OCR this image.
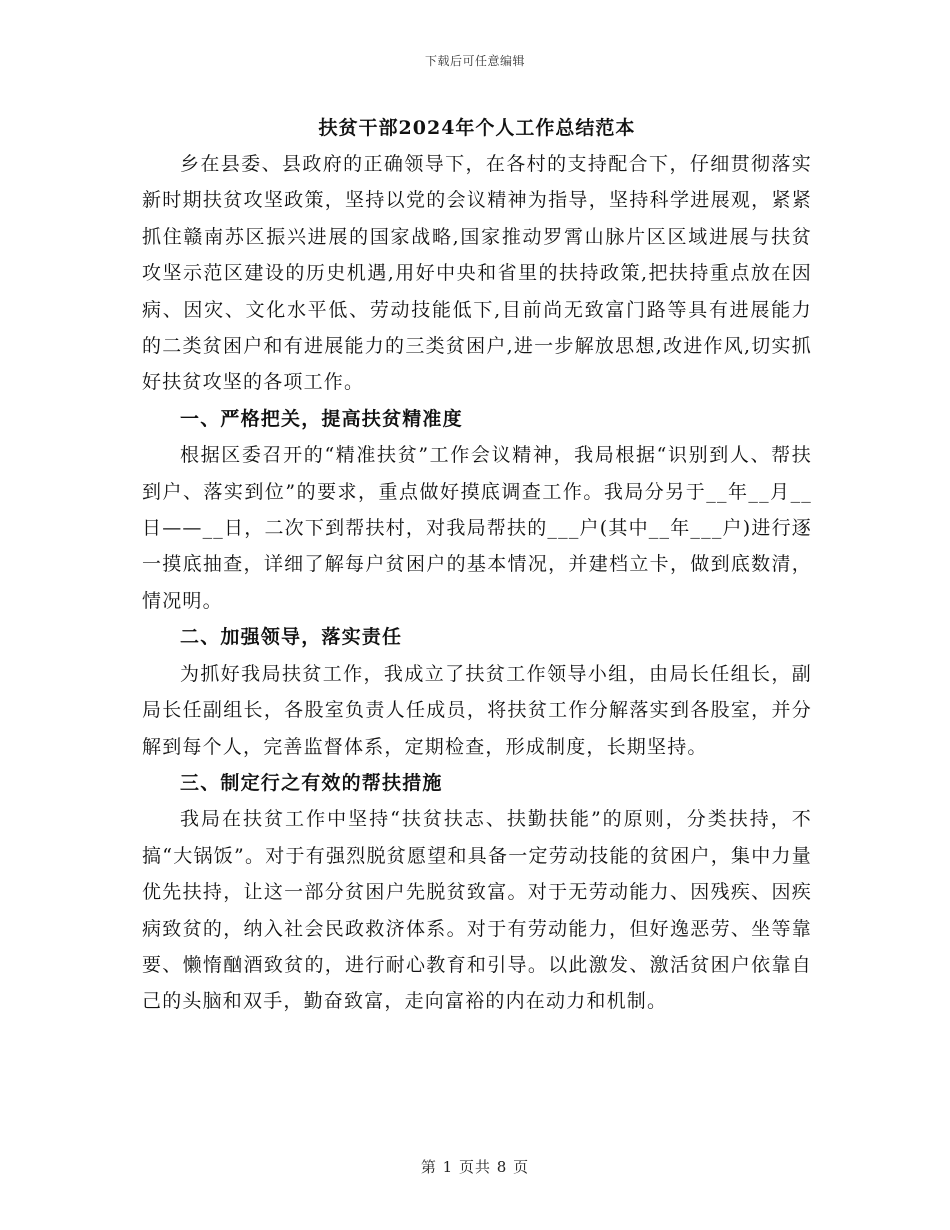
下载后可任意编辑
扶贫干部2024年个人工作总结范本

乡在县委、县政府的正确领导下，在各村的支持配合下，仔细贯彻落实新时期扶贫攻坚政策，坚持以党的会议精神为指导，坚持科学进展观，紧紧抓住赣南苏区振兴进展的国家战略,国家推动罗霄山脉片区区域进展与扶贫攻坚示范区建设的历史机遇,用好中央和省里的扶持政策,把扶持重点放在因病、因灾、文化水平低、劳动技能低下,目前尚无致富门路等具有进展能力的二类贫困户和有进展能力的三类贫困户,进一步解放思想,改进作风,切实抓好扶贫攻坚的各项工作。

一、严格把关，提高扶贫精准度

根据区委召开的“精准扶贫”工作会议精神，我局根据“识别到人、帮扶到户、落实到位”的要求，重点做好摸底调查工作。我局分另于__年__月__日——__日，二次下到帮扶村，对我局帮扶的___户(其中__年___户)进行逐一摸底抽查，详细了解每户贫困户的基本情况，并建档立卡，做到底数清，情况明。

二、加强领导，落实责任

为抓好我局扶贫工作，我成立了扶贫工作领导小组，由局长任组长，副局长任副组长，各股室负责人任成员，将扶贫工作分解落实到各股室，并分解到每个人，完善监督体系，定期检查，形成制度，长期坚持。

三、制定行之有效的帮扶措施

我局在扶贫工作中坚持“扶贫扶志、扶勤扶能”的原则，分类扶持，不搞“大锅饭”。对于有强烈脱贫愿望和具备一定劳动技能的贫困户，集中力量优先扶持，让这一部分贫困户先脱贫致富。对于无劳动能力、因残疾、因疾病致贫的，纳入社会民政救济体系。对于有劳动能力，但好逸恶劳、坐等靠要、懒惰酗酒致贫的，进行耐心教育和引导。以此激发、激活贫困户依靠自己的头脑和双手，勤奋致富，走向富裕的内在动力和机制。

第 1 页共 8 页
